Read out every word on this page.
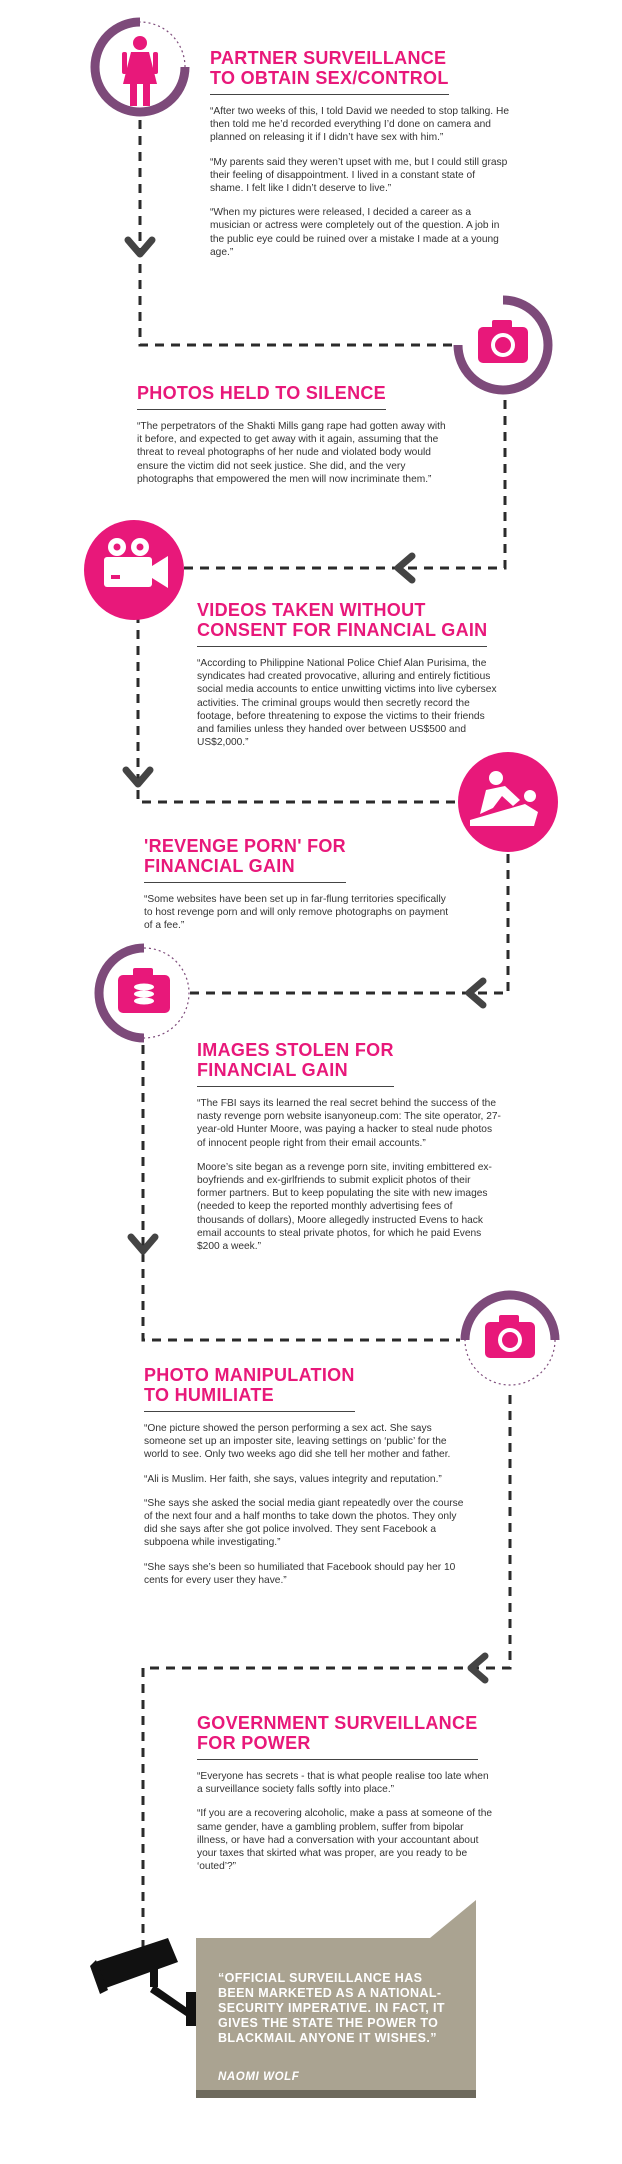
PARTNER SURVEILLANCE
TO OBTAIN SEX/CONTROL

“After two weeks of this, I told David we needed to stop talking. He then told me he’d recorded everything I’d done on camera and planned on releasing it if I didn’t have sex with him.”

“My parents said they weren’t upset with me, but I could still grasp their feeling of disappointment. I lived in a constant state of shame. I felt like I didn’t deserve to live.”

“When my pictures were released, I decided a career as a musician or actress were completely out of the question. A job in the public eye could be ruined over a mistake I made at a young age.”

PHOTOS HELD TO SILENCE

“The perpetrators of the Shakti Mills gang rape had gotten away with it before, and expected to get away with it again, assuming that the threat to reveal photographs of her nude and violated body would ensure the victim did not seek justice. She did, and the very photographs that empowered the men will now incriminate them.”

VIDEOS TAKEN WITHOUT
CONSENT FOR FINANCIAL GAIN

“According to Philippine National Police Chief Alan Purisima, the syndicates had created provocative, alluring and entirely fictitious social media accounts to entice unwitting victims into live cybersex activities. The criminal groups would then secretly record the footage, before threatening to expose the victims to their friends and families unless they handed over between US$500 and US$2,000.”

'REVENGE PORN' FOR
FINANCIAL GAIN

“Some websites have been set up in far-flung territories specifically to host revenge porn and will only remove photographs on payment of a fee.”

IMAGES STOLEN FOR
FINANCIAL GAIN

“The FBI says its learned the real secret behind the success of the nasty revenge porn website isanyoneup.com: The site operator, 27-year-old Hunter Moore, was paying a hacker to steal nude photos of innocent people right from their email accounts.”

Moore’s site began as a revenge porn site, inviting embittered ex-boyfriends and ex-girlfriends to submit explicit photos of their former partners. But to keep populating the site with new images (needed to keep the reported monthly advertising fees of thousands of dollars), Moore allegedly instructed Evens to hack email accounts to steal private photos, for which he paid Evens $200 a week.”

PHOTO MANIPULATION
TO HUMILIATE

“One picture showed the person performing a sex act. She says someone set up an imposter site, leaving settings on ‘public’ for the world to see. Only two weeks ago did she tell her mother and father.

“Ali is Muslim. Her faith, she says, values integrity and reputation.”

“She says she asked the social media giant repeatedly over the course of the next four and a half months to take down the photos. They only did she says after she got police involved. They sent Facebook a subpoena while investigating.”

“She says she’s been so humiliated that Facebook should pay her 10 cents for every user they have.”

GOVERNMENT SURVEILLANCE
FOR POWER

“Everyone has secrets - that is what people realise too late when a surveillance society falls softly into place.”

“If you are a recovering alcoholic, make a pass at someone of the same gender, have a gambling problem, suffer from bipolar illness, or have had a conversation with your accountant about your taxes that skirted what was proper, are you ready to be ‘outed’?”

“OFFICIAL SURVEILLANCE HAS BEEN MARKETED AS A NATIONAL-SECURITY IMPERATIVE. IN FACT, IT GIVES THE STATE THE POWER TO BLACKMAIL ANYONE IT WISHES.”
NAOMI WOLF
